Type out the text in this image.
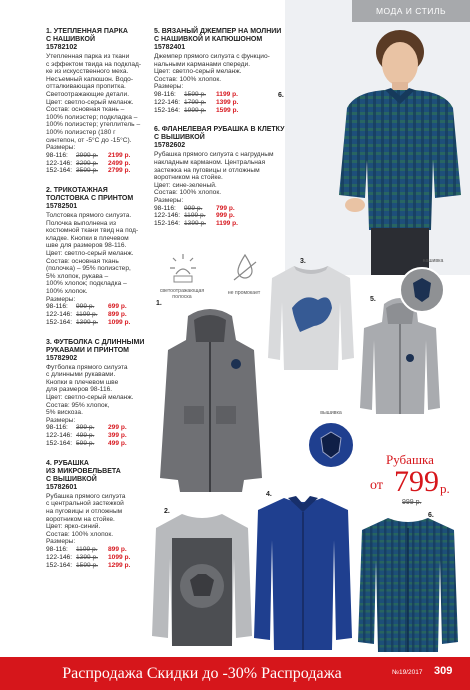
МОДА И СТИЛЬ
6.
1. УТЕПЛЕННАЯ ПАРКА
С НАШИВКОЙ
15782102
Утепленная парка из ткани
с эффектом твида на подклад-
ке из искусственного меха.
Несъемный капюшон. Водо-
отталкивающая пропитка.
Светоотражающие детали.
Цвет: светло-серый меланж.
Состав: основная ткань –
100% полиэстер; подкладка –
100% полиэстер; утеплитель –
100% полиэстер (180 г
синтепон, от -5°С до -15°С).
Размеры:
98-116:	2999 р.	2199 р.
122-146:	3299 р.	2499 р.
152-164:	3599 р.	2799 р.
2. ТРИКОТАЖНАЯ
ТОЛСТОВКА С ПРИНТОМ
15782501
Толстовка прямого силуэта.
Полочка выполнена из
костюмной ткани твид на под-
кладке. Кнопки в плечевом
шве для размеров 98-116.
Цвет: светло-серый меланж.
Состав: основная ткань
(полочка) – 95% полиэстер,
5% хлопок, рукава –
100% хлопок; подкладка –
100% хлопок.
Размеры:
98-116:	999 р.	699 р.
122-146:	1199 р.	899 р.
152-164:	1399 р.	1099 р.
3. ФУТБОЛКА С ДЛИННЫМИ
РУКАВАМИ И ПРИНТОМ
15782902
Футболка прямого силуэта
с длинными рукавами.
Кнопки в плечевом шве
для размеров 98-116.
Цвет: светло-серый меланж.
Состав: 95% хлопок,
5% вискоза.
Размеры:
98-116:	399 р.	299 р.
122-146:	499 р.	399 р.
152-164:	599 р.	499 р.
4. РУБАШКА
ИЗ МИКРОВЕЛЬВЕТА
С ВЫШИВКОЙ
15782601
Рубашка прямого силуэта
с центральной застежкой
на пуговицы и отложным
воротником на стойке.
Цвет: ярко-синий.
Состав: 100% хлопок.
Размеры:
98-116:	1199 р.	899 р.
122-146:	1399 р.	1099 р.
152-164:	1599 р.	1299 р.
5. ВЯЗАНЫЙ ДЖЕМПЕР НА МОЛНИИ
С НАШИВКОЙ И КАПЮШОНОМ
15782401
Джемпер прямого силуэта с функцио-
нальными карманами спереди.
Цвет: светло-серый меланж.
Состав: 100% хлопок.
Размеры:
98-116:	1599 р.	1199 р.
122-146:	1799 р.	1399 р.
152-164:	1999 р.	1599 р.
6. ФЛАНЕЛЕВАЯ РУБАШКА В КЛЕТКУ
С ВЫШИВКОЙ
15782602
Рубашка прямого силуэта с нагрудным
накладным карманом. Центральная
застежка на пуговицы и отложным
воротником на стойке.
Цвет: сине-зеленый.
Состав: 100% хлопок.
Размеры:
98-116:	999 р.	799 р.
122-146:	1199 р.	999 р.
152-164:	1399 р.	1199 р.
светоотражающая
полоска
не промокает
1.
3.
5.
нашивка
2.
4.
вышивка
6.
Рубашка
от 799 р.
999 р.
Распродажа Скидки до -30% Распродажа	№19/2017 309
